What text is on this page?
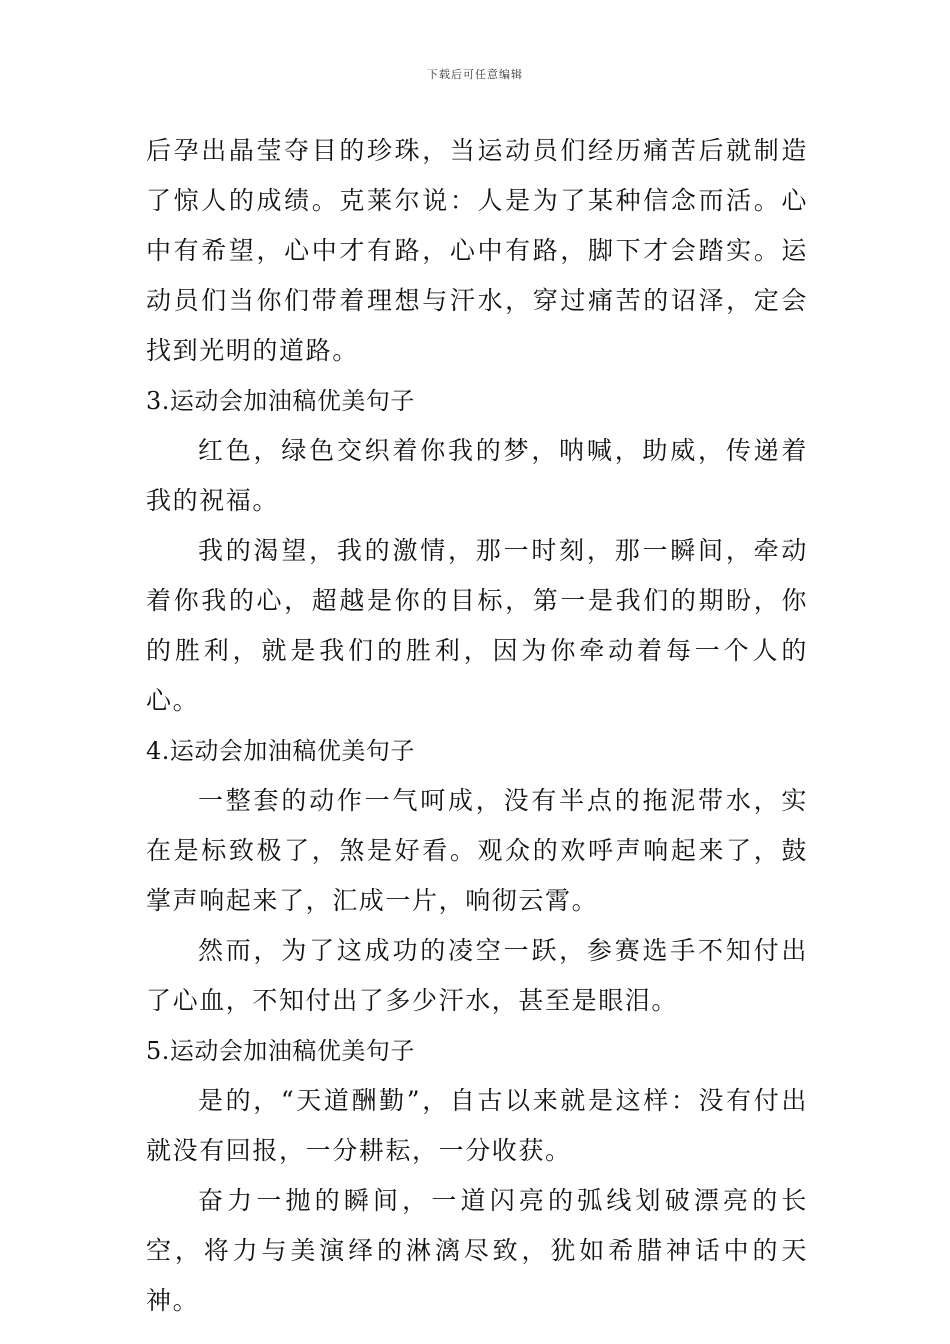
下载后可任意编辑

后孕出晶莹夺目的珍珠，当运动员们经历痛苦后就制造了惊人的成绩。克莱尔说：人是为了某种信念而活。心中有希望，心中才有路，心中有路，脚下才会踏实。运动员们当你们带着理想与汗水，穿过痛苦的诏泽，定会找到光明的道路。

3.运动会加油稿优美句子

红色，绿色交织着你我的梦，呐喊，助威，传递着我的祝福。

我的渴望，我的激情，那一时刻，那一瞬间，牵动着你我的心，超越是你的目标，第一是我们的期盼，你的胜利，就是我们的胜利，因为你牵动着每一个人的心。

4.运动会加油稿优美句子

一整套的动作一气呵成，没有半点的拖泥带水，实在是标致极了，煞是好看。观众的欢呼声响起来了，鼓掌声响起来了，汇成一片，响彻云霄。

然而，为了这成功的凌空一跃，参赛选手不知付出了心血，不知付出了多少汗水，甚至是眼泪。

5.运动会加油稿优美句子

是的，“天道酬勤”，自古以来就是这样：没有付出就没有回报，一分耕耘，一分收获。

奋力一抛的瞬间，一道闪亮的弧线划破漂亮的长空，将力与美演绎的淋漓尽致，犹如希腊神话中的天神。
